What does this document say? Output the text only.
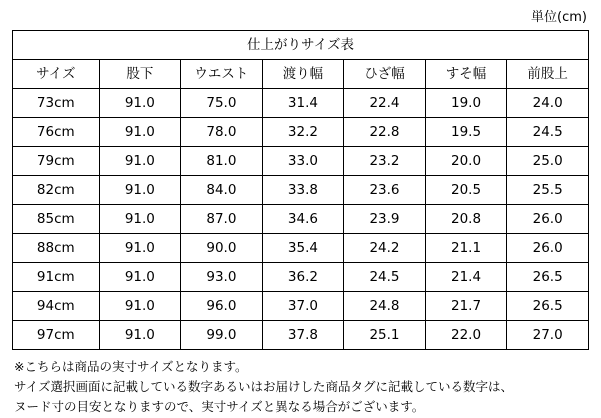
単位(cm)
仕上がりサイズ表						
サイズ	股下	ウエスト	渡り幅	ひざ幅	すそ幅	前股上
73cm	91.0	75.0	31.4	22.4	19.0	24.0
76cm	91.0	78.0	32.2	22.8	19.5	24.5
79cm	91.0	81.0	33.0	23.2	20.0	25.0
82cm	91.0	84.0	33.8	23.6	20.5	25.5
85cm	91.0	87.0	34.6	23.9	20.8	26.0
88cm	91.0	90.0	35.4	24.2	21.1	26.0
91cm	91.0	93.0	36.2	24.5	21.4	26.5
94cm	91.0	96.0	37.0	24.8	21.7	26.5
97cm	91.0	99.0	37.8	25.1	22.0	27.0
※こちらは商品の実寸サイズとなります。
サイズ選択画面に記載している数字あるいはお届けした商品タグに記載している数字は、
ヌード寸の目安となりますので、実寸サイズと異なる場合がございます。
